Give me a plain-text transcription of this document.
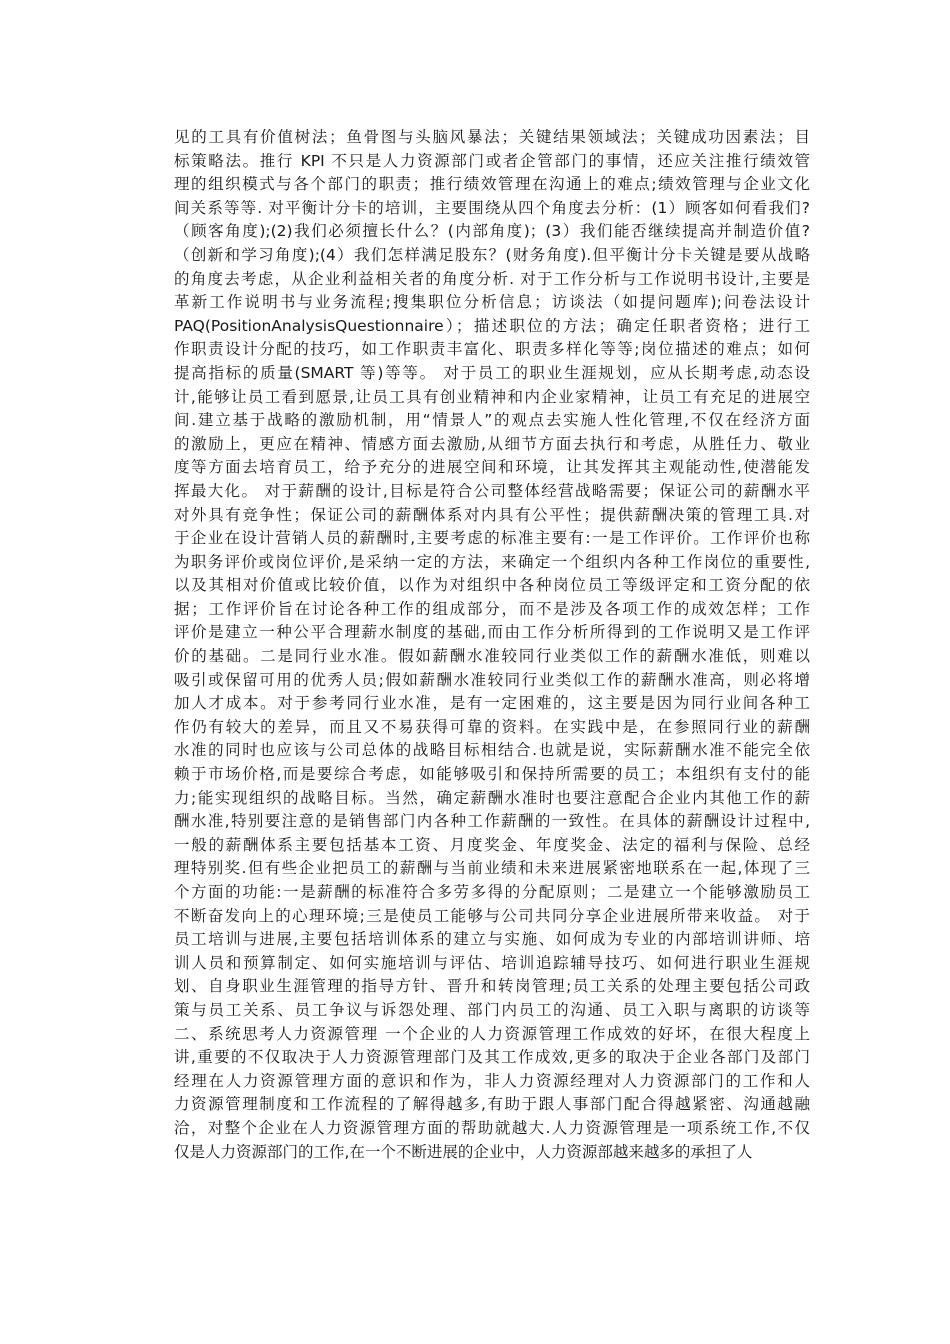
见的工具有价值树法；鱼骨图与头脑风暴法；关键结果领域法；关键成功因素法；目
标策略法。推行 KPI 不只是人力资源部门或者企管部门的事情，还应关注推行绩效管
理的组织模式与各个部门的职责；推行绩效管理在沟通上的难点;绩效管理与企业文化
间关系等等. 对平衡计分卡的培训，主要围绕从四个角度去分析：(1）顾客如何看我们?
（顾客角度);(2)我们必须擅长什么？(内部角度)；(3）我们能否继续提高并制造价值?
（创新和学习角度);(4）我们怎样满足股东？(财务角度).但平衡计分卡关键是要从战略
的角度去考虑，从企业利益相关者的角度分析. 对于工作分析与工作说明书设计,主要是
革新工作说明书与业务流程;搜集职位分析信息；访谈法（如提问题库);问卷法设计
PAQ(PositionAnalysisQuestionnaire）；描述职位的方法；确定任职者资格；进行工
作职责设计分配的技巧，如工作职责丰富化、职责多样化等等;岗位描述的难点；如何
提高指标的质量(SMART 等)等等。 对于员工的职业生涯规划，应从长期考虑,动态设
计,能够让员工看到愿景,让员工具有创业精神和内企业家精神，让员工有充足的进展空
间.建立基于战略的激励机制，用“情景人”的观点去实施人性化管理,不仅在经济方面
的激励上，更应在精神、情感方面去激励,从细节方面去执行和考虑，从胜任力、敬业
度等方面去培育员工，给予充分的进展空间和环境，让其发挥其主观能动性,使潜能发
挥最大化。 对于薪酬的设计,目标是符合公司整体经营战略需要；保证公司的薪酬水平
对外具有竞争性；保证公司的薪酬体系对内具有公平性；提供薪酬决策的管理工具.对
于企业在设计营销人员的薪酬时,主要考虑的标准主要有:一是工作评价。工作评价也称
为职务评价或岗位评价,是采纳一定的方法，来确定一个组织内各种工作岗位的重要性,
以及其相对价值或比较价值，以作为对组织中各种岗位员工等级评定和工资分配的依
据；工作评价旨在讨论各种工作的组成部分，而不是涉及各项工作的成效怎样；工作
评价是建立一种公平合理薪水制度的基础,而由工作分析所得到的工作说明又是工作评
价的基础。二是同行业水准。假如薪酬水准较同行业类似工作的薪酬水准低，则难以
吸引或保留可用的优秀人员;假如薪酬水准较同行业类似工作的薪酬水准高，则必将增
加人才成本。对于参考同行业水准，是有一定困难的，这主要是因为同行业间各种工
作仍有较大的差异，而且又不易获得可靠的资料。在实践中是，在参照同行业的薪酬
水准的同时也应该与公司总体的战略目标相结合.也就是说，实际薪酬水准不能完全依
赖于市场价格,而是要综合考虑，如能够吸引和保持所需要的员工；本组织有支付的能
力;能实现组织的战略目标。当然，确定薪酬水准时也要注意配合企业内其他工作的薪
酬水准,特别要注意的是销售部门内各种工作薪酬的一致性。在具体的薪酬设计过程中,
一般的薪酬体系主要包括基本工资、月度奖金、年度奖金、法定的福利与保险、总经
理特别奖.但有些企业把员工的薪酬与当前业绩和未来进展紧密地联系在一起,体现了三
个方面的功能:一是薪酬的标准符合多劳多得的分配原则；二是建立一个能够激励员工
不断奋发向上的心理环境;三是使员工能够与公司共同分享企业进展所带来收益。 对于
员工培训与进展,主要包括培训体系的建立与实施、如何成为专业的内部培训讲师、培
训人员和预算制定、如何实施培训与评估、培训追踪辅导技巧、如何进行职业生涯规
划、自身职业生涯管理的指导方针、晋升和转岗管理;员工关系的处理主要包括公司政
策与员工关系、员工争议与诉怨处理、部门内员工的沟通、员工入职与离职的访谈等
二、系统思考人力资源管理 一个企业的人力资源管理工作成效的好坏，在很大程度上
讲,重要的不仅取决于人力资源管理部门及其工作成效,更多的取决于企业各部门及部门
经理在人力资源管理方面的意识和作为，非人力资源经理对人力资源部门的工作和人
力资源管理制度和工作流程的了解得越多,有助于跟人事部门配合得越紧密、沟通越融
洽，对整个企业在人力资源管理方面的帮助就越大.人力资源管理是一项系统工作,不仅
仅是人力资源部门的工作,在一个不断进展的企业中，人力资源部越来越多的承担了人
